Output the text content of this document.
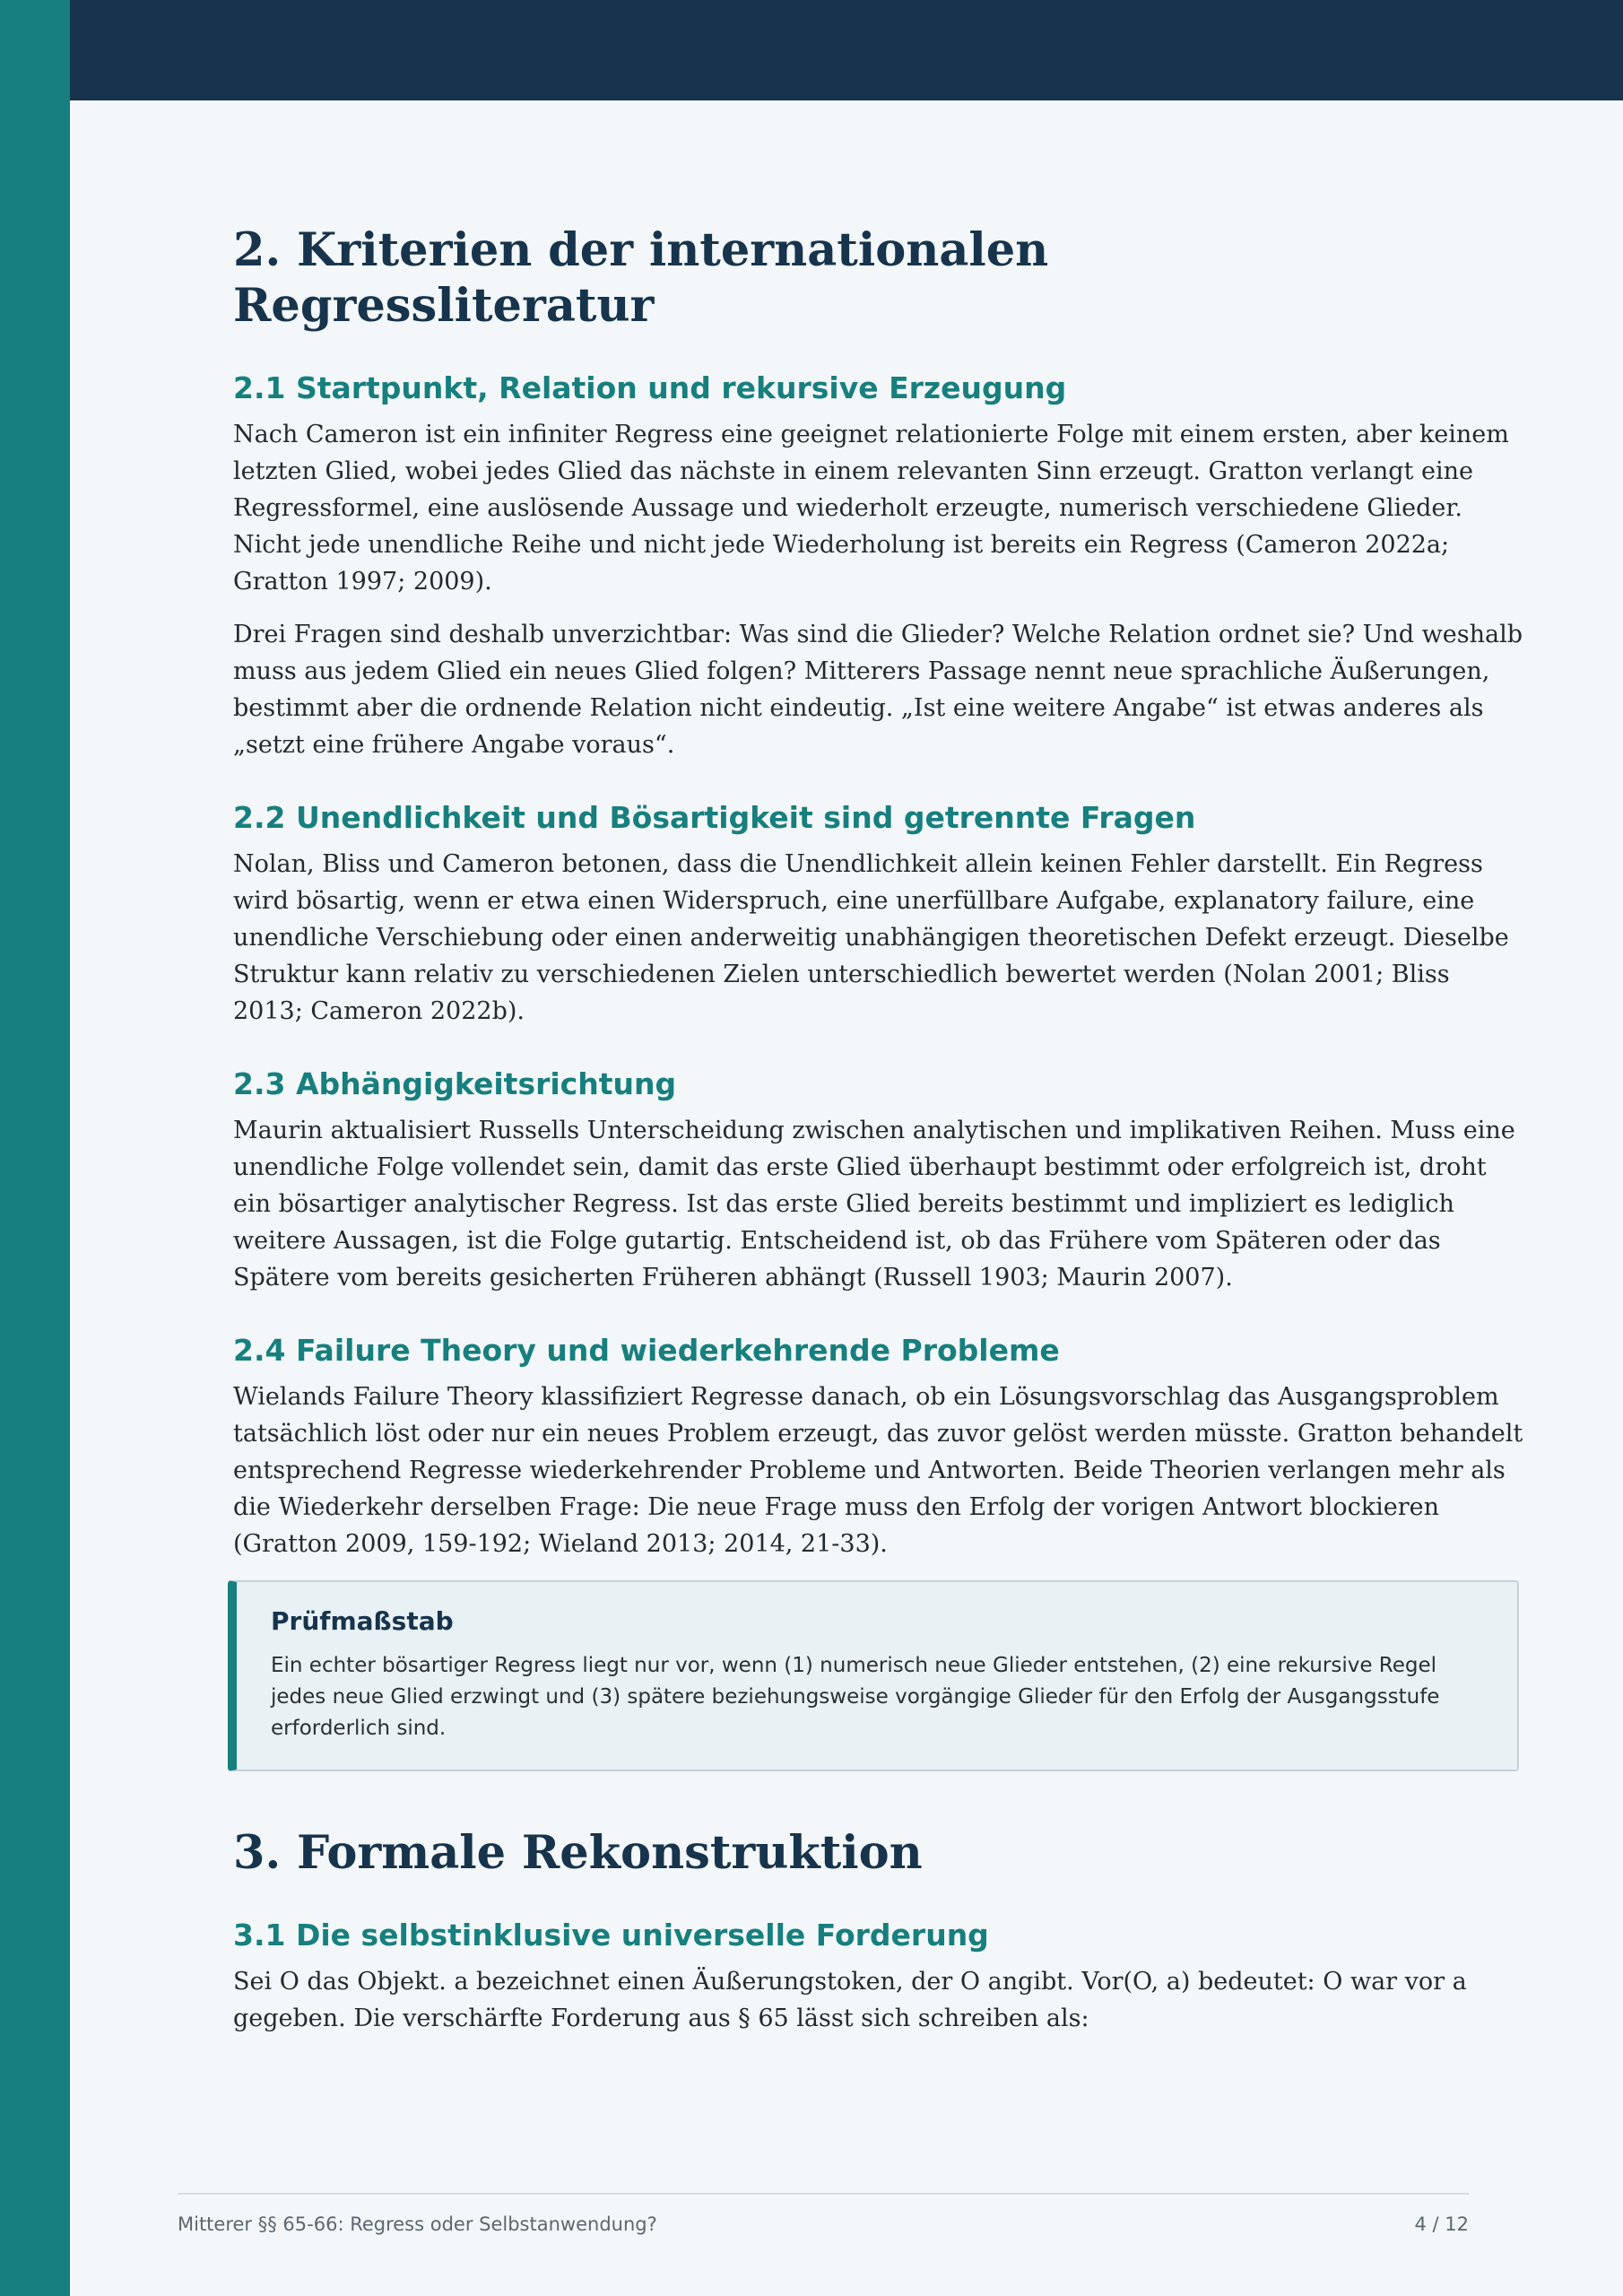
2. Kriterien der internationalen
Regressliteratur
2.1 Startpunkt, Relation und rekursive Erzeugung

Nach Cameron ist ein infiniter Regress eine geeignet relationierte Folge mit einem ersten, aber keinem letzten Glied, wobei jedes Glied das nächste in einem relevanten Sinn erzeugt. Gratton verlangt eine Regressformel, eine auslösende Aussage und wiederholt erzeugte, numerisch verschiedene Glieder. Nicht jede unendliche Reihe und nicht jede Wiederholung ist bereits ein Regress (Cameron 2022a; Gratton 1997; 2009).

Drei Fragen sind deshalb unverzichtbar: Was sind die Glieder? Welche Relation ordnet sie? Und weshalb muss aus jedem Glied ein neues Glied folgen? Mitterers Passage nennt neue sprachliche Äußerungen, bestimmt aber die ordnende Relation nicht eindeutig. „Ist eine weitere Angabe“ ist etwas anderes als „setzt eine frühere Angabe voraus“.

2.2 Unendlichkeit und Bösartigkeit sind getrennte Fragen

Nolan, Bliss und Cameron betonen, dass die Unendlichkeit allein keinen Fehler darstellt. Ein Regress wird bösartig, wenn er etwa einen Widerspruch, eine unerfüllbare Aufgabe, explanatory failure, eine unendliche Verschiebung oder einen anderweitig unabhängigen theoretischen Defekt erzeugt. Dieselbe Struktur kann relativ zu verschiedenen Zielen unterschiedlich bewertet werden (Nolan 2001; Bliss 2013; Cameron 2022b).

2.3 Abhängigkeitsrichtung

Maurin aktualisiert Russells Unterscheidung zwischen analytischen und implikativen Reihen. Muss eine unendliche Folge vollendet sein, damit das erste Glied überhaupt bestimmt oder erfolgreich ist, droht ein bösartiger analytischer Regress. Ist das erste Glied bereits bestimmt und impliziert es lediglich weitere Aussagen, ist die Folge gutartig. Entscheidend ist, ob das Frühere vom Späteren oder das Spätere vom bereits gesicherten Früheren abhängt (Russell 1903; Maurin 2007).

2.4 Failure Theory und wiederkehrende Probleme

Wielands Failure Theory klassifiziert Regresse danach, ob ein Lösungsvorschlag das Ausgangsproblem tatsächlich löst oder nur ein neues Problem erzeugt, das zuvor gelöst werden müsste. Gratton behandelt entsprechend Regresse wiederkehrender Probleme und Antworten. Beide Theorien verlangen mehr als die Wiederkehr derselben Frage: Die neue Frage muss den Erfolg der vorigen Antwort blockieren (Gratton 2009, 159-192; Wieland 2013; 2014, 21-33).

Prüfmaßstab
Ein echter bösartiger Regress liegt nur vor, wenn (1) numerisch neue Glieder entstehen, (2) eine rekursive Regel jedes neue Glied erzwingt und (3) spätere beziehungsweise vorgängige Glieder für den Erfolg der Ausgangsstufe erforderlich sind.
3. Formale Rekonstruktion
3.1 Die selbstinklusive universelle Forderung

Sei O das Objekt. a bezeichnet einen Äußerungstoken, der O angibt. Vor(O, a) bedeutet: O war vor a gegeben. Die verschärfte Forderung aus § 65 lässt sich schreiben als:

Mitterer §§ 65-66: Regress oder Selbstanwendung?	4 / 12
